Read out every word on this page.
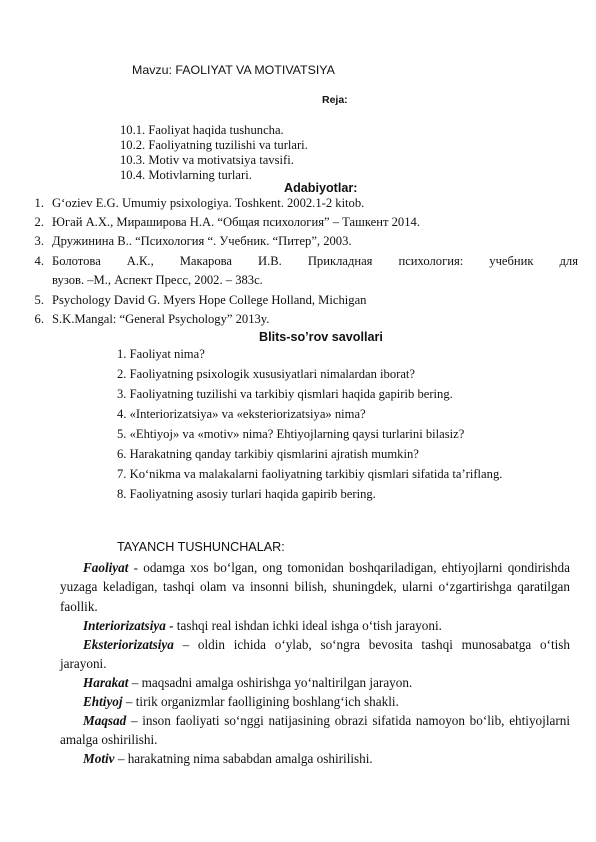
Mavzu: FAOLIYAT VA MOTIVATSIYA
Reja:
10.1. Faoliyat haqida tushuncha.
10.2. Faoliyatning tuzilishi va turlari.
10.3. Motiv va motivatsiya tavsifi.
10.4. Motivlarning turlari.
Adabiyotlar:
1. G‘oziev E.G. Umumiy psixologiya. Toshkent. 2002.1-2 kitob.
2. Югай А.Х., Мираширова Н.А. “Общая психология” – Ташкент 2014.
3. Дружинина В.. “Психология “. Учебник. “Питер”, 2003.
4. Болотова А.К., Макарова И.В. Прикладная психология: учебник для
вузов. –М., Аспект Пресс, 2002. – 383с.
5. Psychology David G. Myers Hope College Holland, Michigan
6. S.K.Mangal: “General Psychology” 2013y.
Blits-so’rov savollari
1. Faoliyat nima?
2. Faoliyatning psixologik xususiyatlari nimalardan iborat?
3. Faoliyatning tuzilishi va tarkibiy qismlari haqida gapirib bering.
4. «Interiorizatsiya» va «eksteriorizatsiya» nima?
5. «Ehtiyoj» va «motiv» nima? Ehtiyojlarning qaysi turlarini bilasiz?
6. Harakatning qanday tarkibiy qismlarini ajratish mumkin?
7. Ko‘nikma va malakalarni faoliyatning tarkibiy qismlari sifatida ta’riflang.
8. Faoliyatning asosiy turlari haqida gapirib bering.
TAYANCH TUSHUNCHALAR:
Faoliyat - odamga xos bo‘lgan, ong tomonidan boshqariladigan, ehtiyojlarni qondirishda yuzaga keladigan, tashqi olam va insonni bilish, shuningdek, ularni o‘zgartirishga qaratilgan faollik.
Interiorizatsiya - tashqi real ishdan ichki ideal ishga o‘tish jarayoni.
Eksteriorizatsiya – oldin ichida o‘ylab, so‘ngra bevosita tashqi munosabatga o‘tish jarayoni.
Harakat – maqsadni amalga oshirishga yo‘naltirilgan jarayon.
Ehtiyoj – tirik organizmlar faolligining boshlang‘ich shakli.
Maqsad – inson faoliyati so‘nggi natijasining obrazi sifatida namoyon bo‘lib, ehtiyojlarni amalga oshirilishi.
Motiv – harakatning nima sababdan amalga oshirilishi.
